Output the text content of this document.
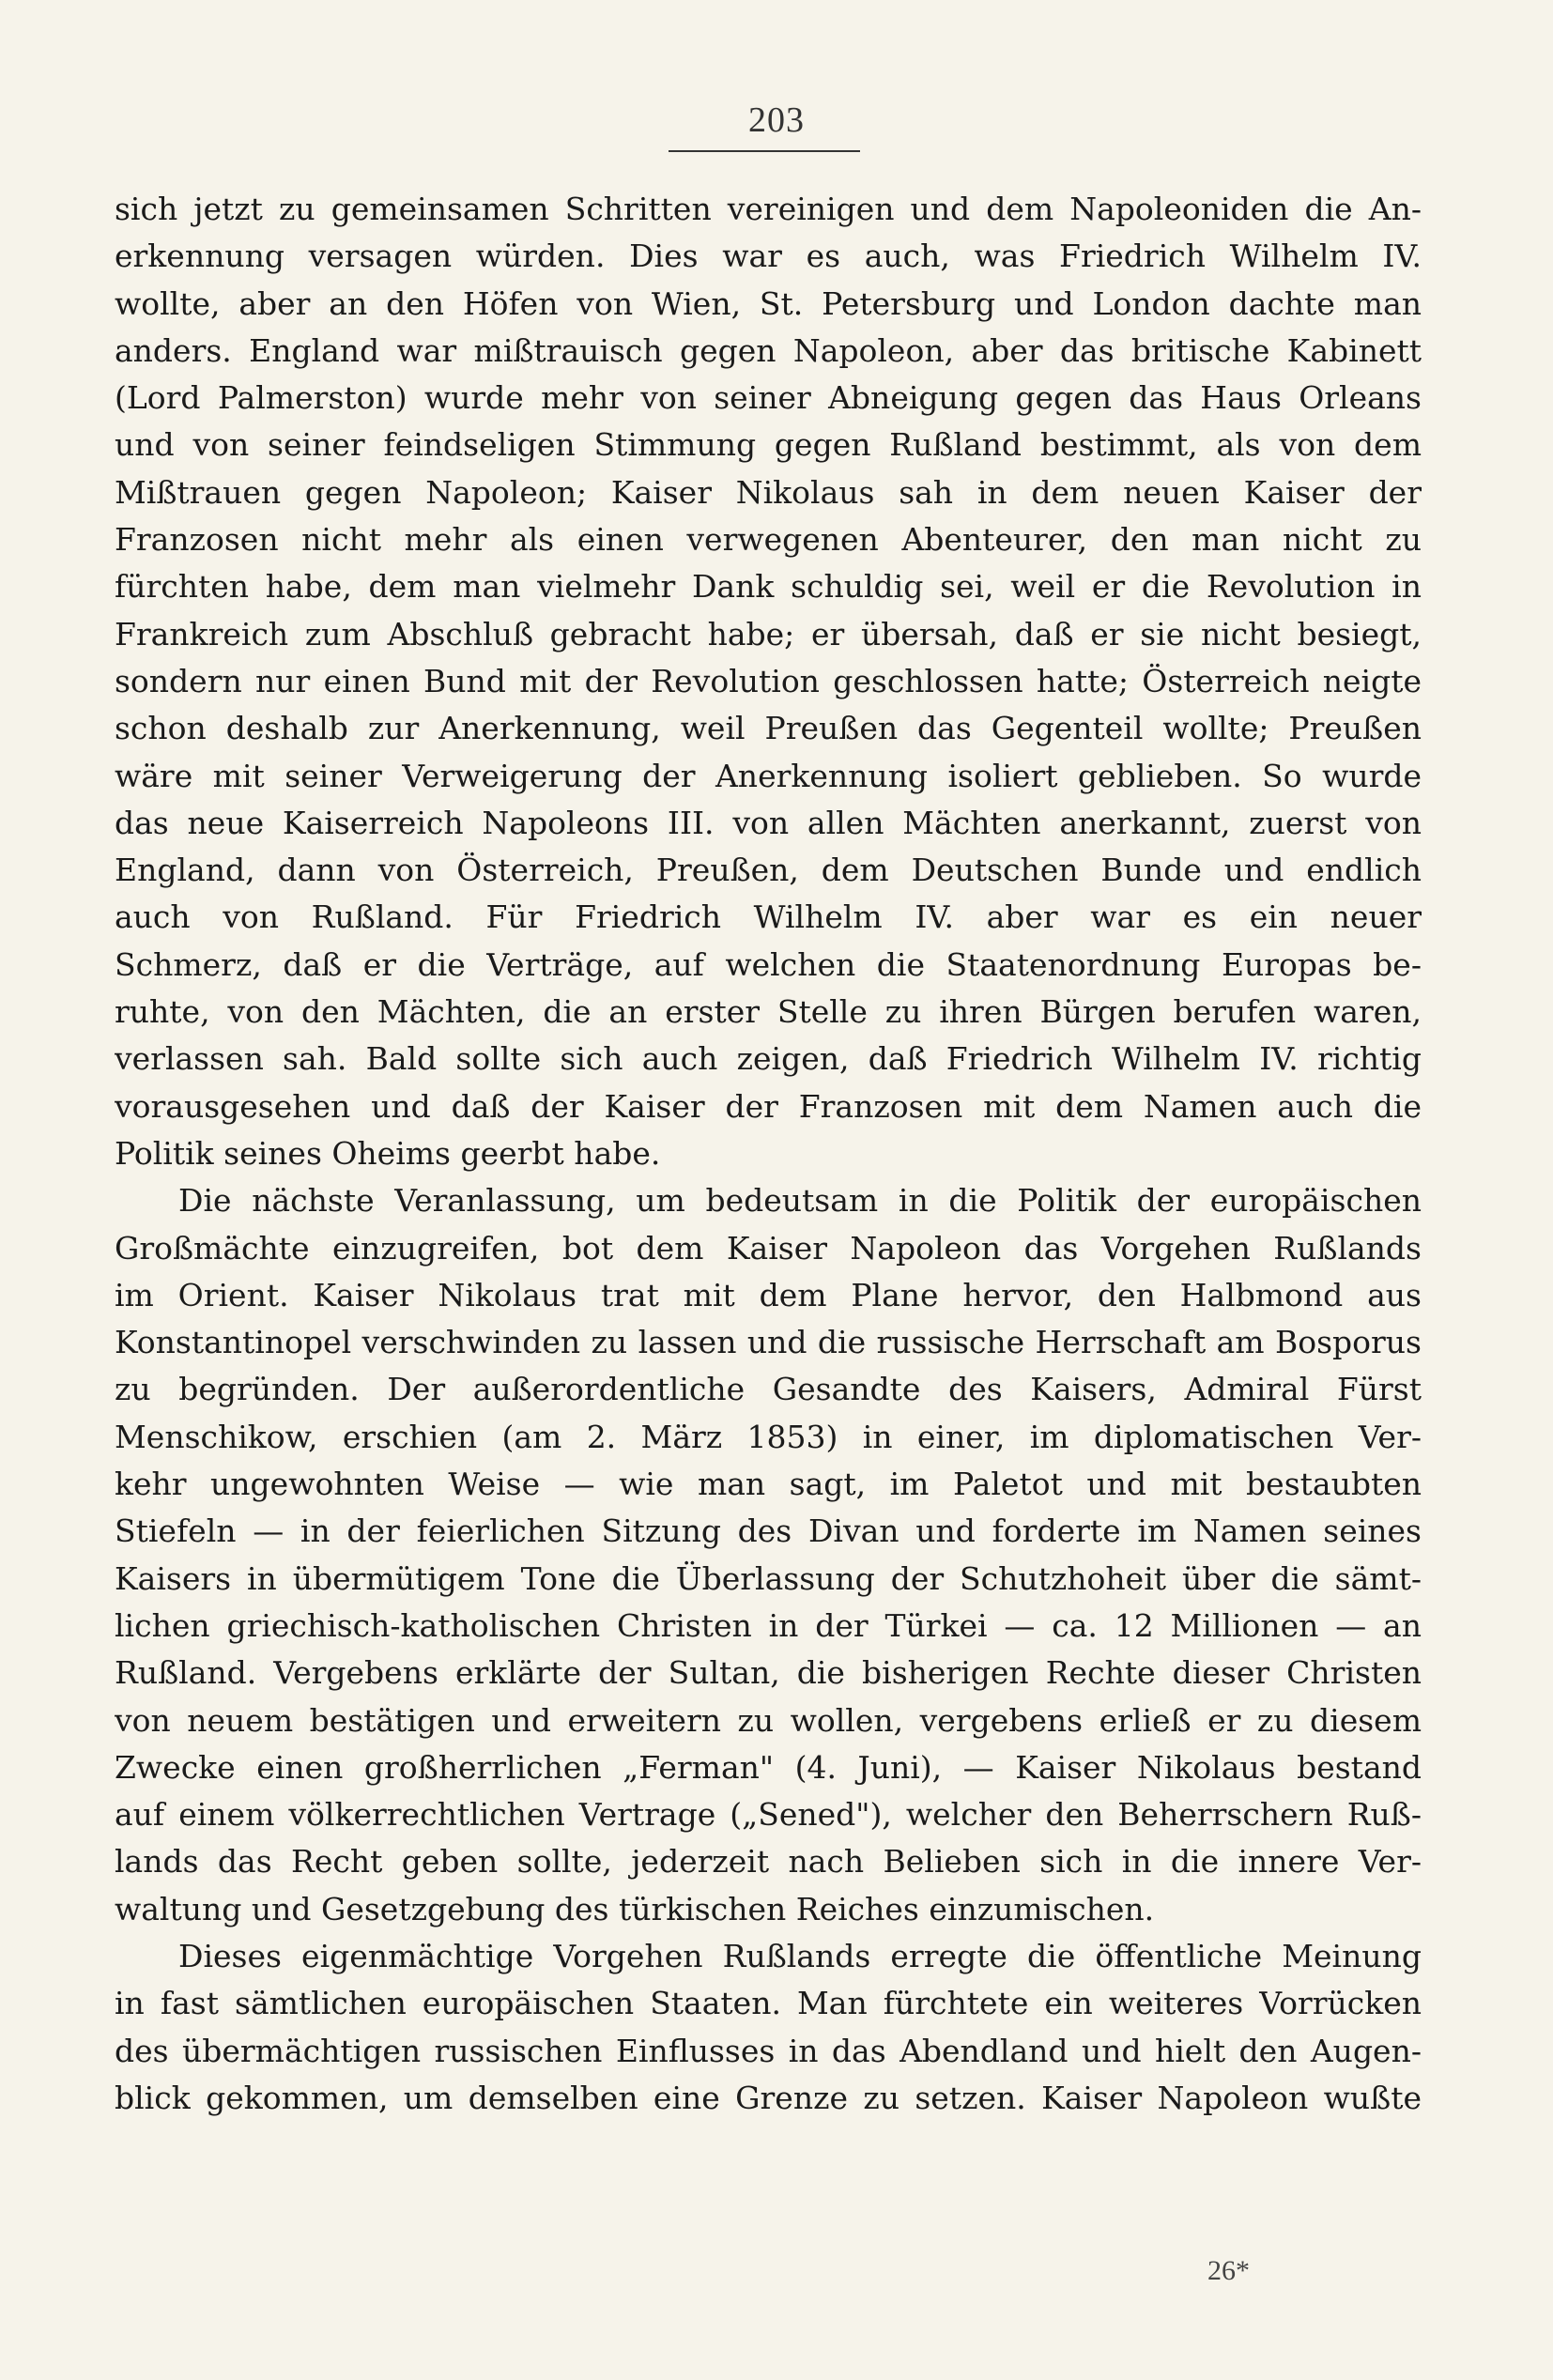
203
sich jetzt zu gemeinsamen Schritten vereinigen und dem Napoleoniden die An-
erkennung versagen würden. Dies war es auch, was Friedrich Wilhelm IV.
wollte, aber an den Höfen von Wien, St. Petersburg und London dachte man
anders. England war mißtrauisch gegen Napoleon, aber das britische Kabinett
(Lord Palmerston) wurde mehr von seiner Abneigung gegen das Haus Orleans
und von seiner feindseligen Stimmung gegen Rußland bestimmt, als von dem
Mißtrauen gegen Napoleon; Kaiser Nikolaus sah in dem neuen Kaiser der
Franzosen nicht mehr als einen verwegenen Abenteurer, den man nicht zu
fürchten habe, dem man vielmehr Dank schuldig sei, weil er die Revolution in
Frankreich zum Abschluß gebracht habe; er übersah, daß er sie nicht besiegt,
sondern nur einen Bund mit der Revolution geschlossen hatte; Österreich neigte
schon deshalb zur Anerkennung, weil Preußen das Gegenteil wollte; Preußen
wäre mit seiner Verweigerung der Anerkennung isoliert geblieben. So wurde
das neue Kaiserreich Napoleons III. von allen Mächten anerkannt, zuerst von
England, dann von Österreich, Preußen, dem Deutschen Bunde und endlich
auch von Rußland. Für Friedrich Wilhelm IV. aber war es ein neuer
Schmerz, daß er die Verträge, auf welchen die Staatenordnung Europas be-
ruhte, von den Mächten, die an erster Stelle zu ihren Bürgen berufen waren,
verlassen sah. Bald sollte sich auch zeigen, daß Friedrich Wilhelm IV. richtig
vorausgesehen und daß der Kaiser der Franzosen mit dem Namen auch die
Politik seines Oheims geerbt habe.
Die nächste Veranlassung, um bedeutsam in die Politik der europäischen
Großmächte einzugreifen, bot dem Kaiser Napoleon das Vorgehen Rußlands
im Orient. Kaiser Nikolaus trat mit dem Plane hervor, den Halbmond aus
Konstantinopel verschwinden zu lassen und die russische Herrschaft am Bosporus
zu begründen. Der außerordentliche Gesandte des Kaisers, Admiral Fürst
Menschikow, erschien (am 2. März 1853) in einer, im diplomatischen Ver-
kehr ungewohnten Weise — wie man sagt, im Paletot und mit bestaubten
Stiefeln — in der feierlichen Sitzung des Divan und forderte im Namen seines
Kaisers in übermütigem Tone die Überlassung der Schutzhoheit über die sämt-
lichen griechisch-katholischen Christen in der Türkei — ca. 12 Millionen — an
Rußland. Vergebens erklärte der Sultan, die bisherigen Rechte dieser Christen
von neuem bestätigen und erweitern zu wollen, vergebens erließ er zu diesem
Zwecke einen großherrlichen „Ferman" (4. Juni), — Kaiser Nikolaus bestand
auf einem völkerrechtlichen Vertrage („Sened"), welcher den Beherrschern Ruß-
lands das Recht geben sollte, jederzeit nach Belieben sich in die innere Ver-
waltung und Gesetzgebung des türkischen Reiches einzumischen.
Dieses eigenmächtige Vorgehen Rußlands erregte die öffentliche Meinung
in fast sämtlichen europäischen Staaten. Man fürchtete ein weiteres Vorrücken
des übermächtigen russischen Einflusses in das Abendland und hielt den Augen-
blick gekommen, um demselben eine Grenze zu setzen. Kaiser Napoleon wußte
26*
